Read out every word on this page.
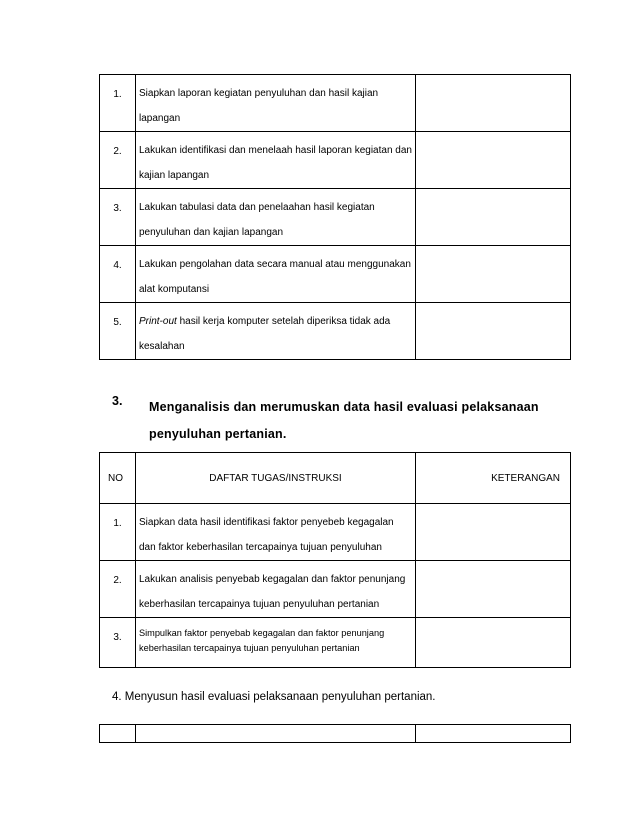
1.	Siapkan laporan kegiatan penyuluhan dan hasil kajian lapangan	
2.	Lakukan identifikasi dan menelaah hasil laporan kegiatan dan kajian lapangan	
3.	Lakukan tabulasi data dan penelaahan hasil kegiatan penyuluhan dan kajian lapangan	
4.	Lakukan pengolahan data secara manual atau menggunakan alat komputansi	
5.	Print-out hasil kerja komputer setelah diperiksa tidak ada kesalahan	
3. Menganalisis dan merumuskan data hasil evaluasi pelaksanaan penyuluhan pertanian.
NO	DAFTAR TUGAS/INSTRUKSI	KETERANGAN
1.	Siapkan data hasil identifikasi faktor penyebeb kegagalan dan faktor keberhasilan tercapainya tujuan penyuluhan	
2.	Lakukan analisis penyebab kegagalan dan faktor penunjang keberhasilan tercapainya tujuan penyuluhan pertanian	
3.	Simpulkan faktor penyebab kegagalan dan faktor penunjang keberhasilan tercapainya tujuan penyuluhan pertanian	
4. Menyusun hasil evaluasi pelaksanaan penyuluhan pertanian.
